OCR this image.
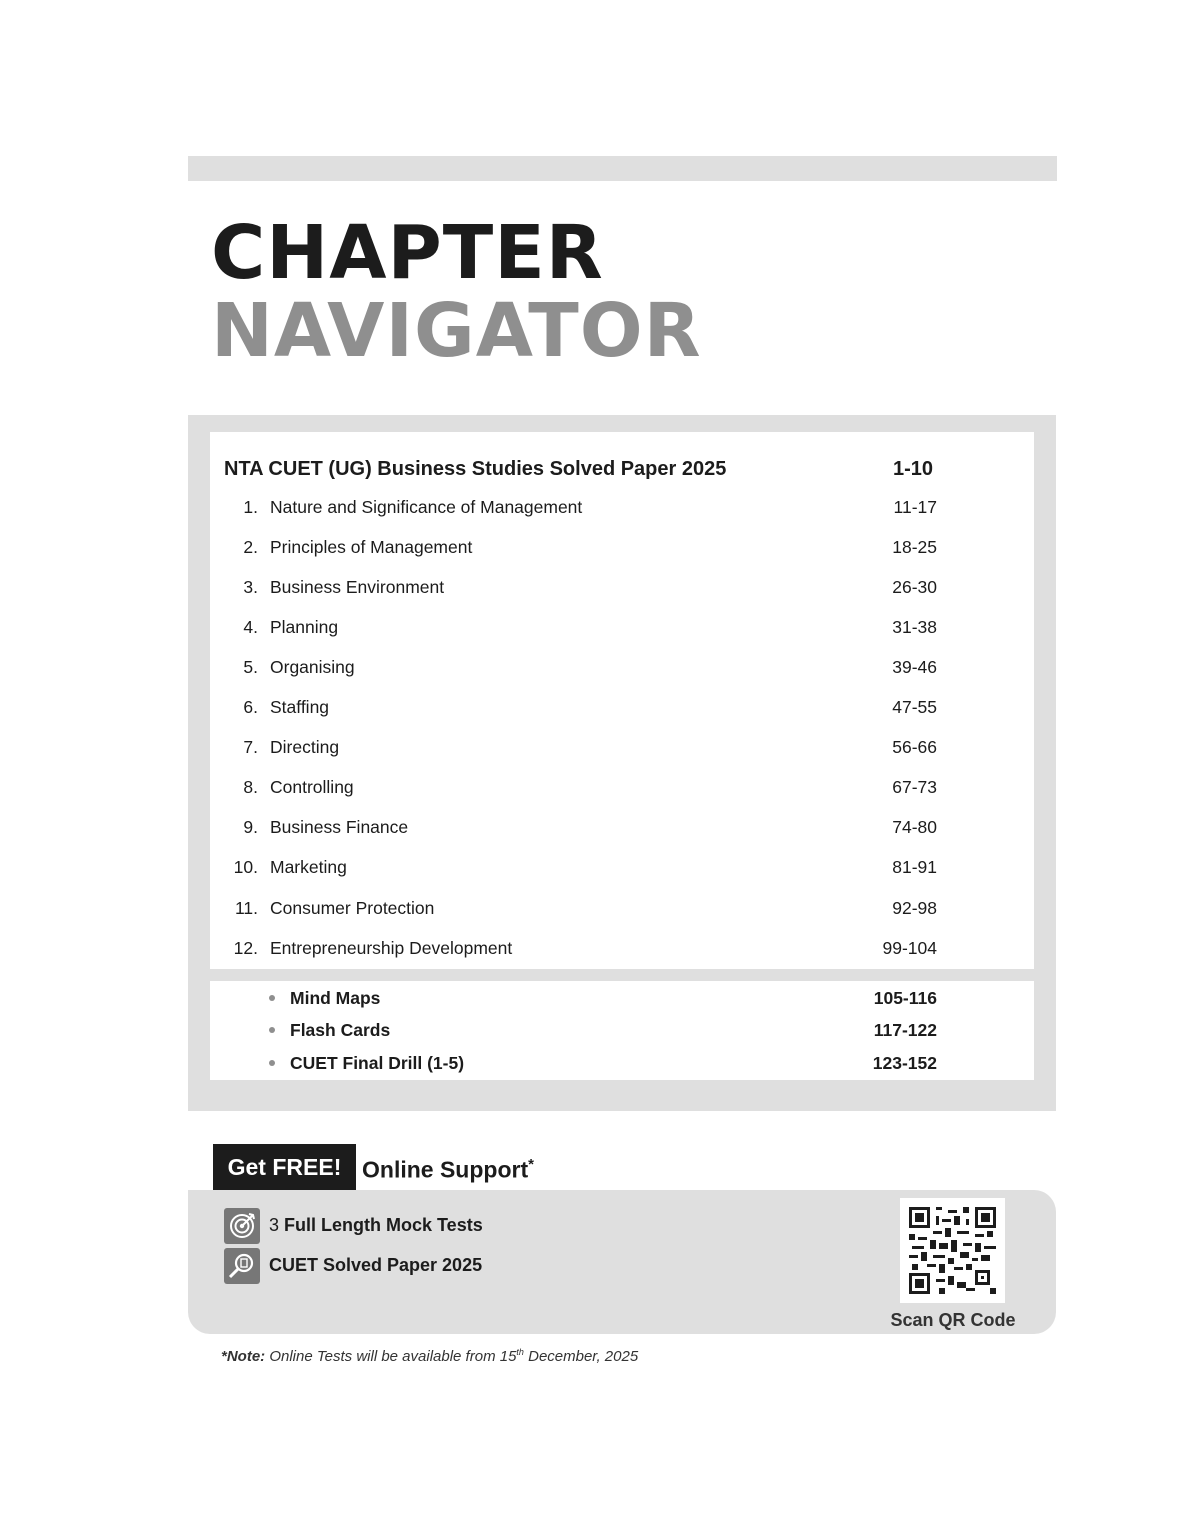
CHAPTER
NAVIGATOR
NTA CUET (UG) Business Studies Solved Paper 2025	1-10
1. Nature and Significance of Management	11-17
2. Principles of Management	18-25
3. Business Environment	26-30
4. Planning	31-38
5. Organising	39-46
6. Staffing	47-55
7. Directing	56-66
8. Controlling	67-73
9. Business Finance	74-80
10. Marketing	81-91
11. Consumer Protection	92-98
12. Entrepreneurship Development	99-104
Mind Maps	105-116
Flash Cards	117-122
CUET Final Drill (1-5)	123-152
Get FREE! Online Support*
3 Full Length Mock Tests
CUET Solved Paper 2025
Scan QR Code
*Note: Online Tests will be available from 15th December, 2025
